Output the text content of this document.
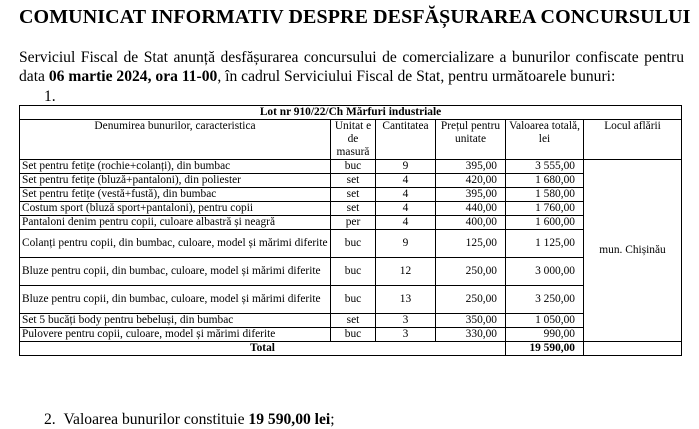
COMUNICAT INFORMATIV DESPRE DESFĂȘURAREA CONCURSULUI
Serviciul Fiscal de Stat anunță desfășurarea concursului de comercializare a bunurilor confiscate pentru data 06 martie 2024, ora 11-00, în cadrul Serviciului Fiscal de Stat, pentru următoarele bunuri:
1.
Lot nr 910/22/Ch Mărfuri industriale					
Denumirea bunurilor, caracteristica	Unitat e de masură	Cantitatea	Prețul pentru unitate	Valoarea totală, lei	Locul aflării
Set pentru fetițe (rochie+colanți), din bumbac	buc	9	395,00	3 555,00	mun. Chișinău
Set pentru fetițe (bluză+pantaloni), din poliester	set	4	420,00	1 680,00	
Set pentru fetițe (vestă+fustă), din bumbac	set	4	395,00	1 580,00	
Costum sport (bluză sport+pantaloni), pentru copii	set	4	440,00	1 760,00	
Pantaloni denim pentru copii, culoare albastră și neagră	per	4	400,00	1 600,00	
Colanți pentru copii, din bumbac, culoare, model și mărimi diferite	buc	9	125,00	1 125,00	
Bluze pentru copii, din bumbac, culoare, model și mărimi diferite	buc	12	250,00	3 000,00	
Bluze pentru copii, din bumbac, culoare, model și mărimi diferite	buc	13	250,00	3 250,00	
Set 5 bucăți body pentru bebeluși, din bumbac	set	3	350,00	1 050,00	
Pulovere pentru copii, culoare, model și mărimi diferite	buc	3	330,00	990,00	
Total				19 590,00	
2. Valoarea bunurilor constituie 19 590,00 lei;
